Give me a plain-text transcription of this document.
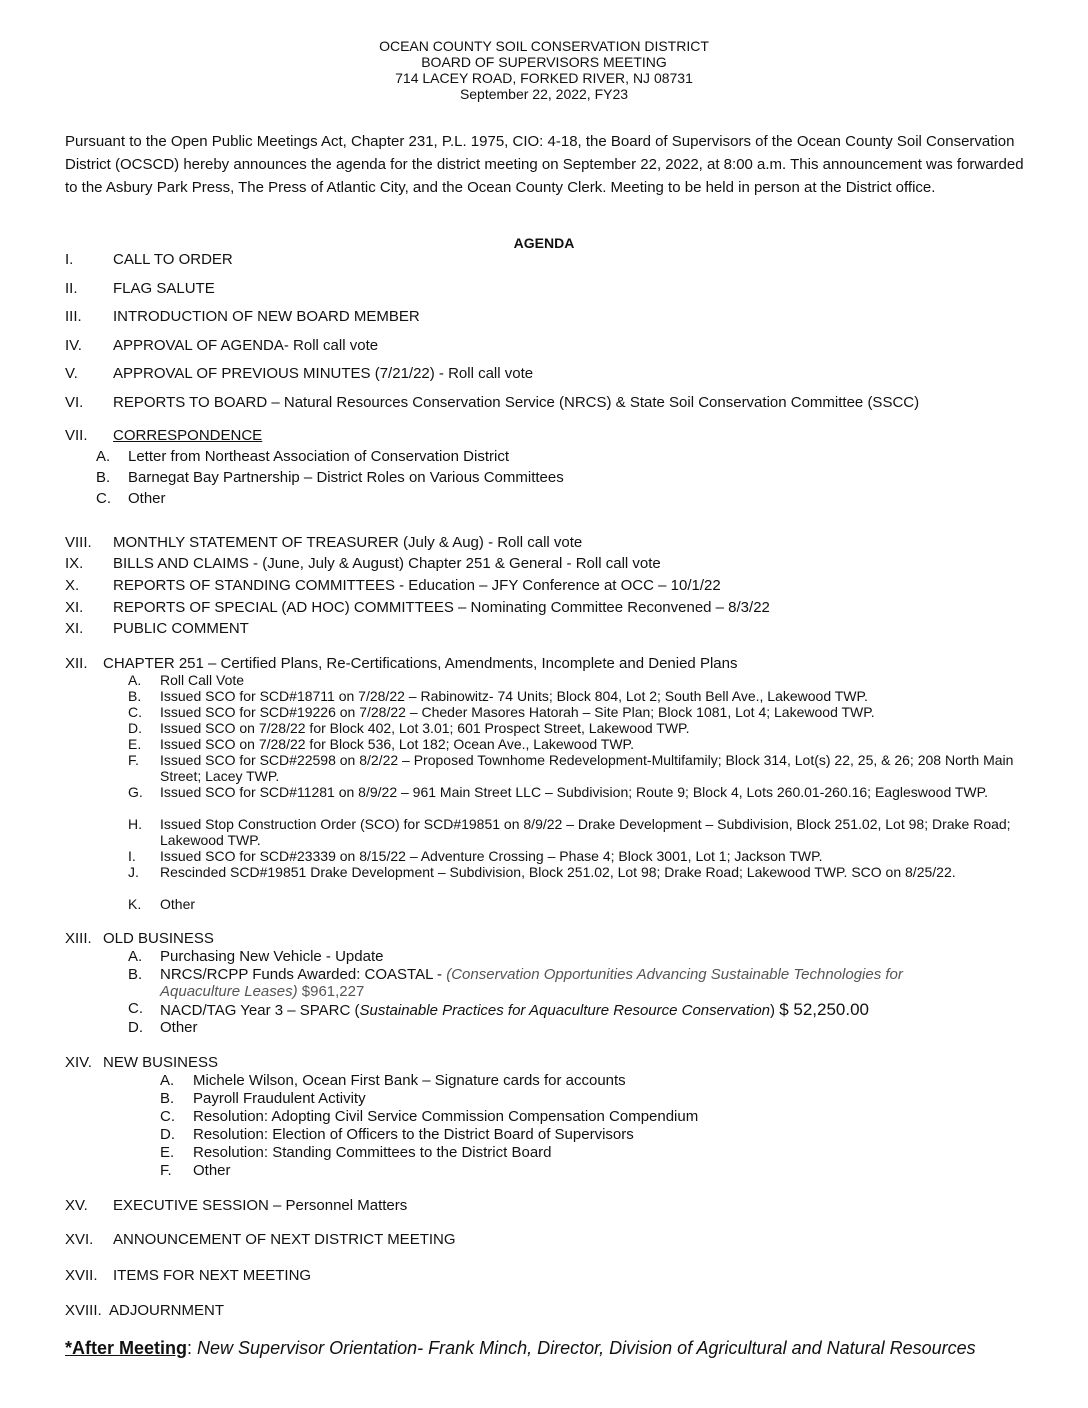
OCEAN COUNTY SOIL CONSERVATION DISTRICT
BOARD OF SUPERVISORS MEETING
714 LACEY ROAD, FORKED RIVER, NJ 08731
September 22, 2022, FY23
Pursuant to the Open Public Meetings Act, Chapter 231, P.L. 1975, CIO: 4-18, the Board of Supervisors of the Ocean County Soil Conservation District (OCSCD) hereby announces the agenda for the district meeting on September 22, 2022, at 8:00 a.m. This announcement was forwarded to the Asbury Park Press, The Press of Atlantic City, and the Ocean County Clerk. Meeting to be held in person at the District office.
AGENDA
I.	CALL TO ORDER
II. FLAG SALUTE
III. INTRODUCTION OF NEW BOARD MEMBER
IV. APPROVAL OF AGENDA- Roll call vote
V. APPROVAL OF PREVIOUS MINUTES (7/21/22) - Roll call vote
VI. REPORTS TO BOARD – Natural Resources Conservation Service (NRCS) & State Soil Conservation Committee (SSCC)
VII. CORRESPONDENCE
A. Letter from Northeast Association of Conservation District
B. Barnegat Bay Partnership – District Roles on Various Committees
C. Other
VIII. MONTHLY STATEMENT OF TREASURER (July & Aug) - Roll call vote
IX. BILLS AND CLAIMS - (June, July & August) Chapter 251 & General - Roll call vote
X. REPORTS OF STANDING COMMITTEES - Education – JFY Conference at OCC – 10/1/22
XI. REPORTS OF SPECIAL (AD HOC) COMMITTEES – Nominating Committee Reconvened – 8/3/22
XI. PUBLIC COMMENT
XII. CHAPTER 251 – Certified Plans, Re-Certifications, Amendments, Incomplete and Denied Plans
A. Roll Call Vote
B. Issued SCO for SCD#18711 on 7/28/22 – Rabinowitz- 74 Units; Block 804, Lot 2; South Bell Ave., Lakewood TWP.
C. Issued SCO for SCD#19226 on 7/28/22 – Cheder Masores Hatorah – Site Plan; Block 1081, Lot 4; Lakewood TWP.
D. Issued SCO on 7/28/22 for Block 402, Lot 3.01; 601 Prospect Street, Lakewood TWP.
E. Issued SCO on 7/28/22 for Block 536, Lot 182; Ocean Ave., Lakewood TWP.
F. Issued SCO for SCD#22598 on 8/2/22 – Proposed Townhome Redevelopment-Multifamily; Block 314, Lot(s) 22, 25, & 26; 208 North Main Street; Lacey TWP.
G. Issued SCO for SCD#11281 on 8/9/22 – 961 Main Street LLC – Subdivision; Route 9; Block 4, Lots 260.01-260.16; Eagleswood TWP.
H. Issued Stop Construction Order (SCO) for SCD#19851 on 8/9/22 – Drake Development – Subdivision, Block 251.02, Lot 98; Drake Road; Lakewood TWP.
I. Issued SCO for SCD#23339 on 8/15/22 – Adventure Crossing – Phase 4; Block 3001, Lot 1; Jackson TWP.
J. Rescinded SCD#19851 Drake Development – Subdivision, Block 251.02, Lot 98; Drake Road; Lakewood TWP. SCO on 8/25/22.
K. Other
XIII. OLD BUSINESS
A. Purchasing New Vehicle - Update
B. NRCS/RCPP Funds Awarded: COASTAL - (Conservation Opportunities Advancing Sustainable Technologies for Aquaculture Leases) $961,227
C. NACD/TAG Year 3 – SPARC (Sustainable Practices for Aquaculture Resource Conservation) $ 52,250.00
D. Other
XIV. NEW BUSINESS
A. Michele Wilson, Ocean First Bank – Signature cards for accounts
B. Payroll Fraudulent Activity
C. Resolution: Adopting Civil Service Commission Compensation Compendium
D. Resolution: Election of Officers to the District Board of Supervisors
E. Resolution: Standing Committees to the District Board
F. Other
XV. EXECUTIVE SESSION – Personnel Matters
XVI. ANNOUNCEMENT OF NEXT DISTRICT MEETING
XVII. ITEMS FOR NEXT MEETING
XVIII. ADJOURNMENT
*After Meeting: New Supervisor Orientation- Frank Minch, Director, Division of Agricultural and Natural Resources
